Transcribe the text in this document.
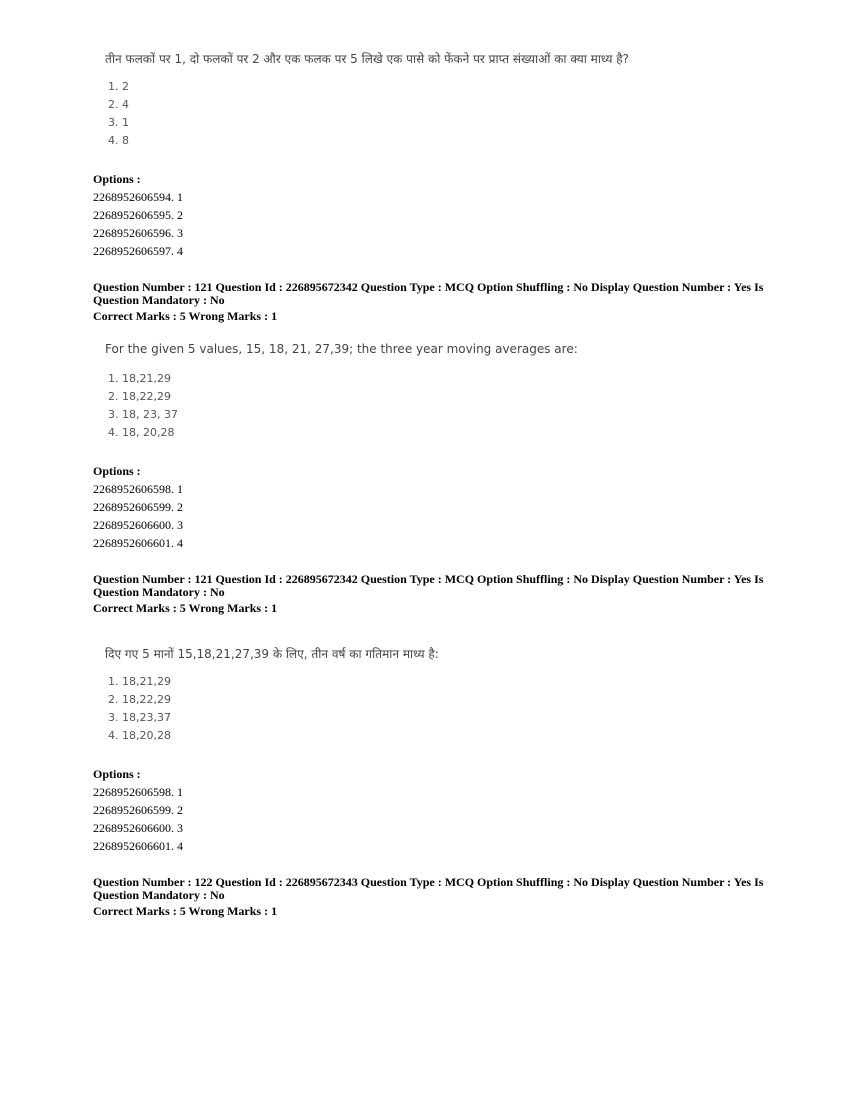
तीन फलकों पर 1, दो फलकों पर 2 और एक फलक पर 5 लिखे एक पासे को फेंकने पर प्राप्त संख्याओं का क्या माध्य है?
1. 2
2. 4
3. 1
4. 8
Options :
2268952606594. 1
2268952606595. 2
2268952606596. 3
2268952606597. 4
Question Number : 121 Question Id : 226895672342 Question Type : MCQ Option Shuffling : No Display Question Number : Yes Is Question Mandatory : No
Correct Marks : 5 Wrong Marks : 1
For the given 5 values, 15, 18, 21, 27,39; the three year moving averages are:
1. 18,21,29
2. 18,22,29
3. 18, 23, 37
4. 18, 20,28
Options :
2268952606598. 1
2268952606599. 2
2268952606600. 3
2268952606601. 4
Question Number : 121 Question Id : 226895672342 Question Type : MCQ Option Shuffling : No Display Question Number : Yes Is Question Mandatory : No
Correct Marks : 5 Wrong Marks : 1
दिए गए 5 मानों 15,18,21,27,39 के लिए, तीन वर्ष का गतिमान माध्य है:
1. 18,21,29
2. 18,22,29
3. 18,23,37
4. 18,20,28
Options :
2268952606598. 1
2268952606599. 2
2268952606600. 3
2268952606601. 4
Question Number : 122 Question Id : 226895672343 Question Type : MCQ Option Shuffling : No Display Question Number : Yes Is Question Mandatory : No
Correct Marks : 5 Wrong Marks : 1
